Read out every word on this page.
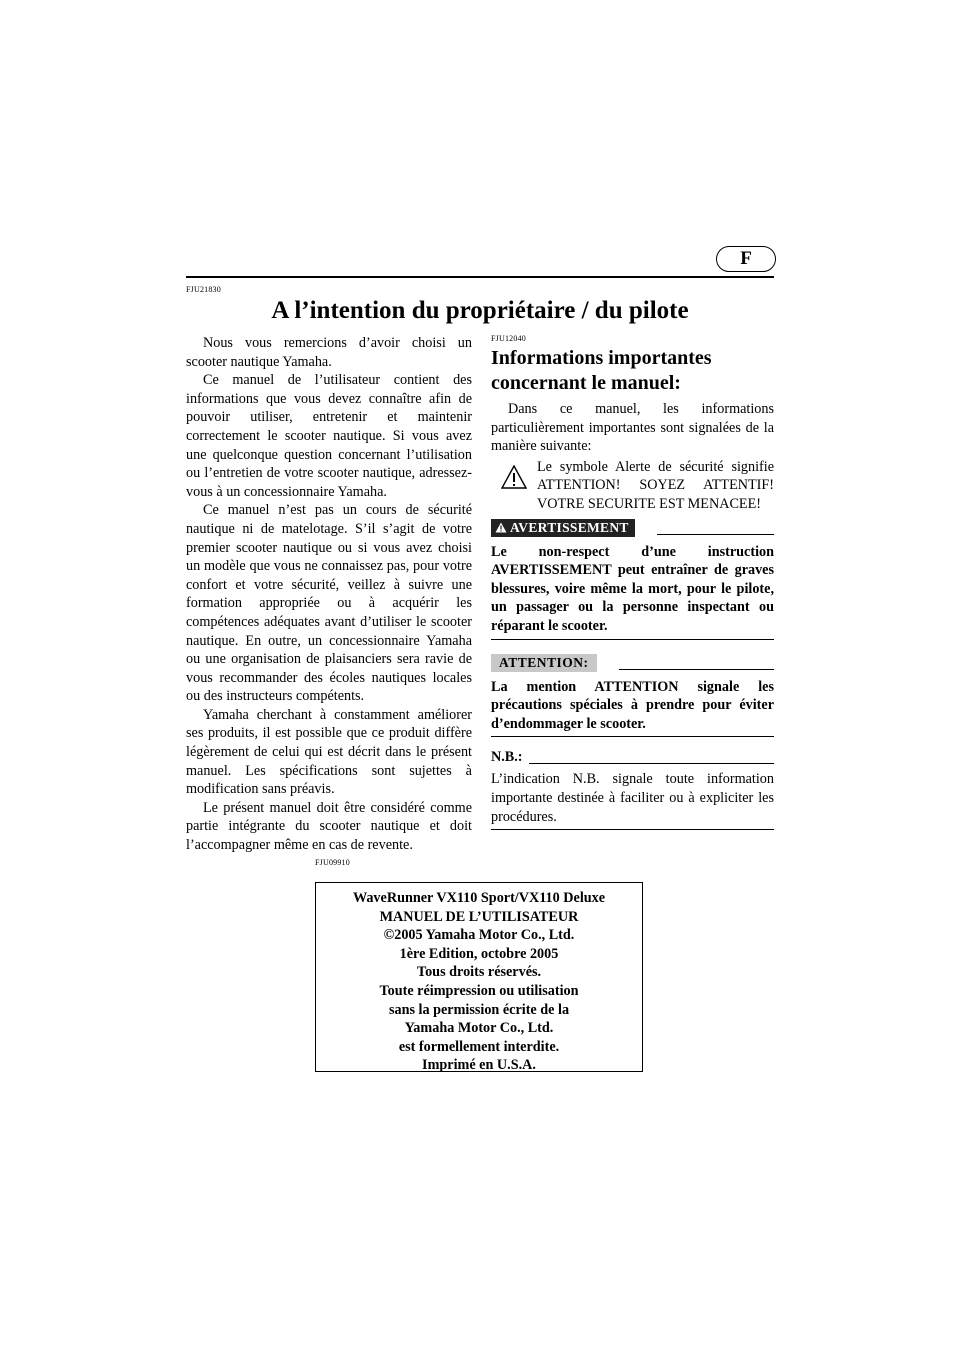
F
FJU21830
A l’intention du propriétaire / du pilote

Nous vous remercions d’avoir choisi un scooter nautique Yamaha.

Ce manuel de l’utilisateur contient des informations que vous devez connaître afin de pouvoir utiliser, entretenir et maintenir correctement le scooter nautique. Si vous avez une quelconque question concernant l’utilisation ou l’entretien de votre scooter nautique, adressez-vous à un concessionnaire Yamaha.

Ce manuel n’est pas un cours de sécurité nautique ni de matelotage. S’il s’agit de votre premier scooter nautique ou si vous avez choisi un modèle que vous ne connaissez pas, pour votre confort et votre sécurité, veillez à suivre une formation appropriée ou à acquérir les compétences adéquates avant d’utiliser le scooter nautique. En outre, un concessionnaire Yamaha ou une organisation de plaisanciers sera ravie de vous recommander des écoles nautiques locales ou des instructeurs compétents.

Yamaha cherchant à constamment améliorer ses produits, il est possible que ce produit diffère légèrement de celui qui est décrit dans le présent manuel. Les spécifications sont sujettes à modification sans préavis.

Le présent manuel doit être considéré comme partie intégrante du scooter nautique et doit l’accompagner même en cas de revente.

FJU12040
Informations importantes concernant le manuel:

Dans ce manuel, les informations particulièrement importantes sont signalées de la manière suivante:

Le symbole Alerte de sécurité signifie ATTENTION! SOYEZ ATTENTIF! VOTRE SECURITE EST MENACEE!
AVERTISSEMENT

Le non-respect d’une instruction AVERTISSEMENT peut entraîner de graves blessures, voire même la mort, pour le pilote, un passager ou la personne inspectant ou réparant le scooter.

ATTENTION:

La mention ATTENTION signale les précautions spéciales à prendre pour éviter d’endommager le scooter.

N.B.:

L’indication N.B. signale toute information importante destinée à faciliter ou à expliciter les procédures.

FJU09910
WaveRunner VX110 Sport/VX110 Deluxe
MANUEL DE L’UTILISATEUR
©2005 Yamaha Motor Co., Ltd.
1ère Edition, octobre 2005
Tous droits réservés.
Toute réimpression ou utilisation
sans la permission écrite de la
Yamaha Motor Co., Ltd.
est formellement interdite.
Imprimé en U.S.A.
